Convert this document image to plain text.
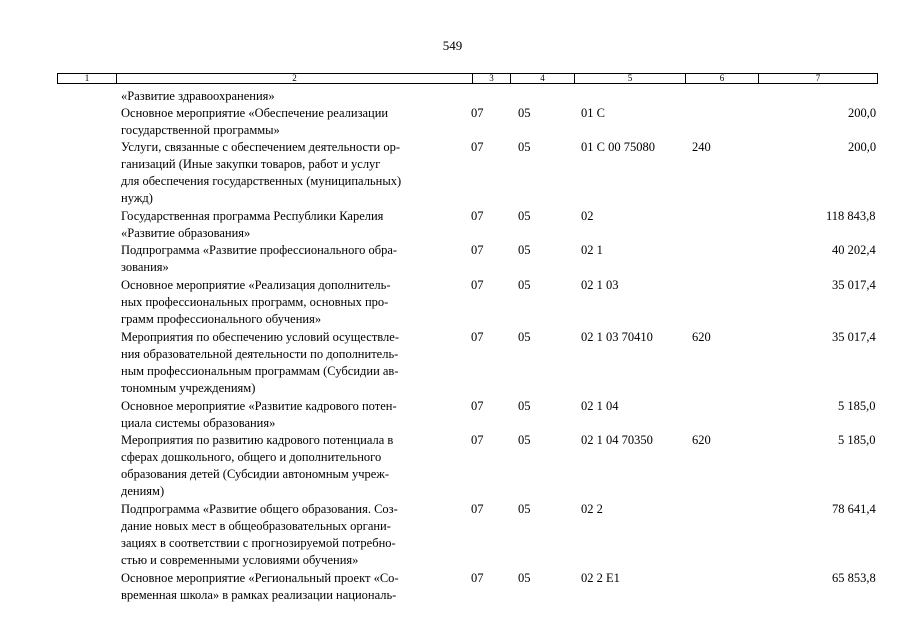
549
1	2	3	4	5	6	7
«Развитие здравоохранения»
Основное мероприятие «Обеспечение реализации
государственной программы»
07	05	01 С	200,0
Услуги, связанные с обеспечением деятельности ор-
ганизаций (Иные закупки товаров, работ и услуг
для обеспечения государственных (муниципальных)
нужд)
07	05	01 С 00 75080	240	200,0
Государственная программа Республики Карелия
«Развитие образования»
07	05	02	118 843,8
Подпрограмма «Развитие профессионального обра-
зования»
07	05	02 1	40 202,4
Основное мероприятие «Реализация дополнитель-
ных профессиональных программ, основных про-
грамм профессионального обучения»
07	05	02 1 03	35 017,4
Мероприятия по обеспечению условий осуществле-
ния образовательной деятельности по дополнитель-
ным профессиональным программам (Субсидии ав-
тономным учреждениям)
07	05	02 1 03 70410	620	35 017,4
Основное мероприятие «Развитие кадрового потен-
циала системы образования»
07	05	02 1 04	5 185,0
Мероприятия по развитию кадрового потенциала в
сферах дошкольного, общего и дополнительного
образования детей (Субсидии автономным учреж-
дениям)
07	05	02 1 04 70350	620	5 185,0
Подпрограмма «Развитие общего образования. Соз-
дание новых мест в общеобразовательных органи-
зациях в соответствии с прогнозируемой потребно-
стью и современными условиями обучения»
07	05	02 2	78 641,4
Основное мероприятие «Региональный проект «Со-
временная школа» в рамках реализации националь-
07	05	02 2 E1	65 853,8
